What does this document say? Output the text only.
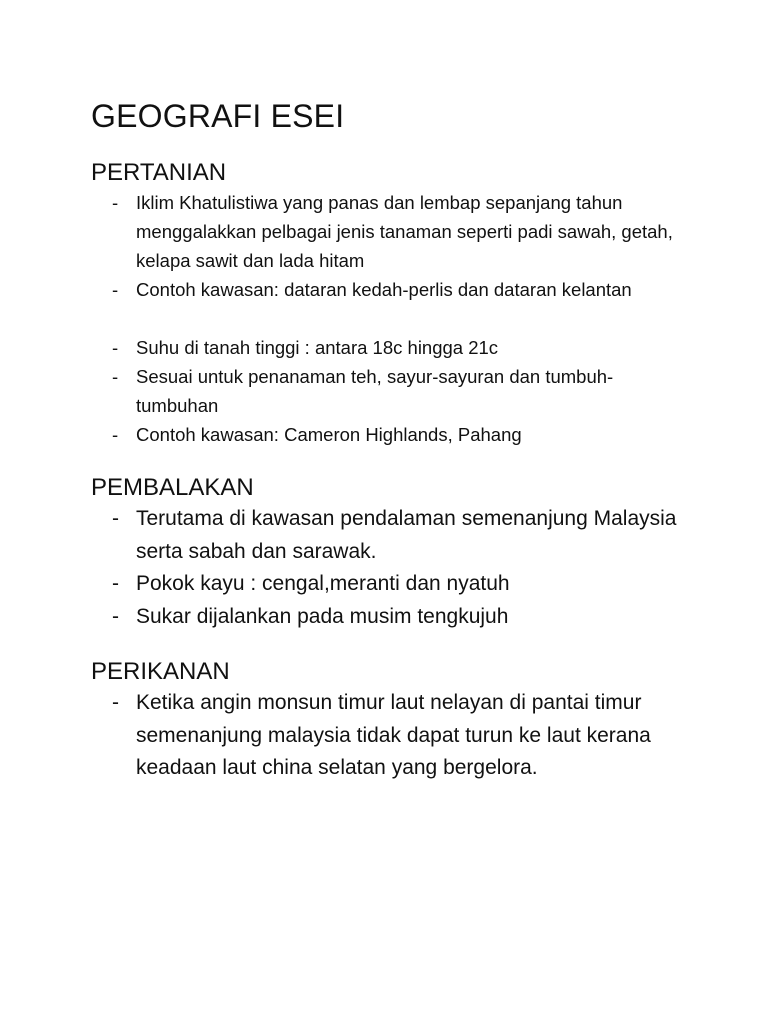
GEOGRAFI ESEI
PERTANIAN
- Iklim Khatulistiwa yang panas dan lembap sepanjang tahun menggalakkan pelbagai jenis tanaman seperti padi sawah, getah, kelapa sawit dan lada hitam
- Contoh kawasan: dataran kedah-perlis dan dataran kelantan
- Suhu di tanah tinggi : antara 18c hingga 21c
- Sesuai untuk penanaman teh, sayur-sayuran dan tumbuh-tumbuhan
- Contoh kawasan: Cameron Highlands, Pahang
PEMBALAKAN
- Terutama di kawasan pendalaman semenanjung Malaysia serta sabah dan sarawak.
- Pokok kayu : cengal,meranti dan nyatuh
- Sukar dijalankan pada musim tengkujuh
PERIKANAN
- Ketika angin monsun timur laut nelayan di pantai timur semenanjung malaysia tidak dapat turun ke laut kerana keadaan laut china selatan yang bergelora.
